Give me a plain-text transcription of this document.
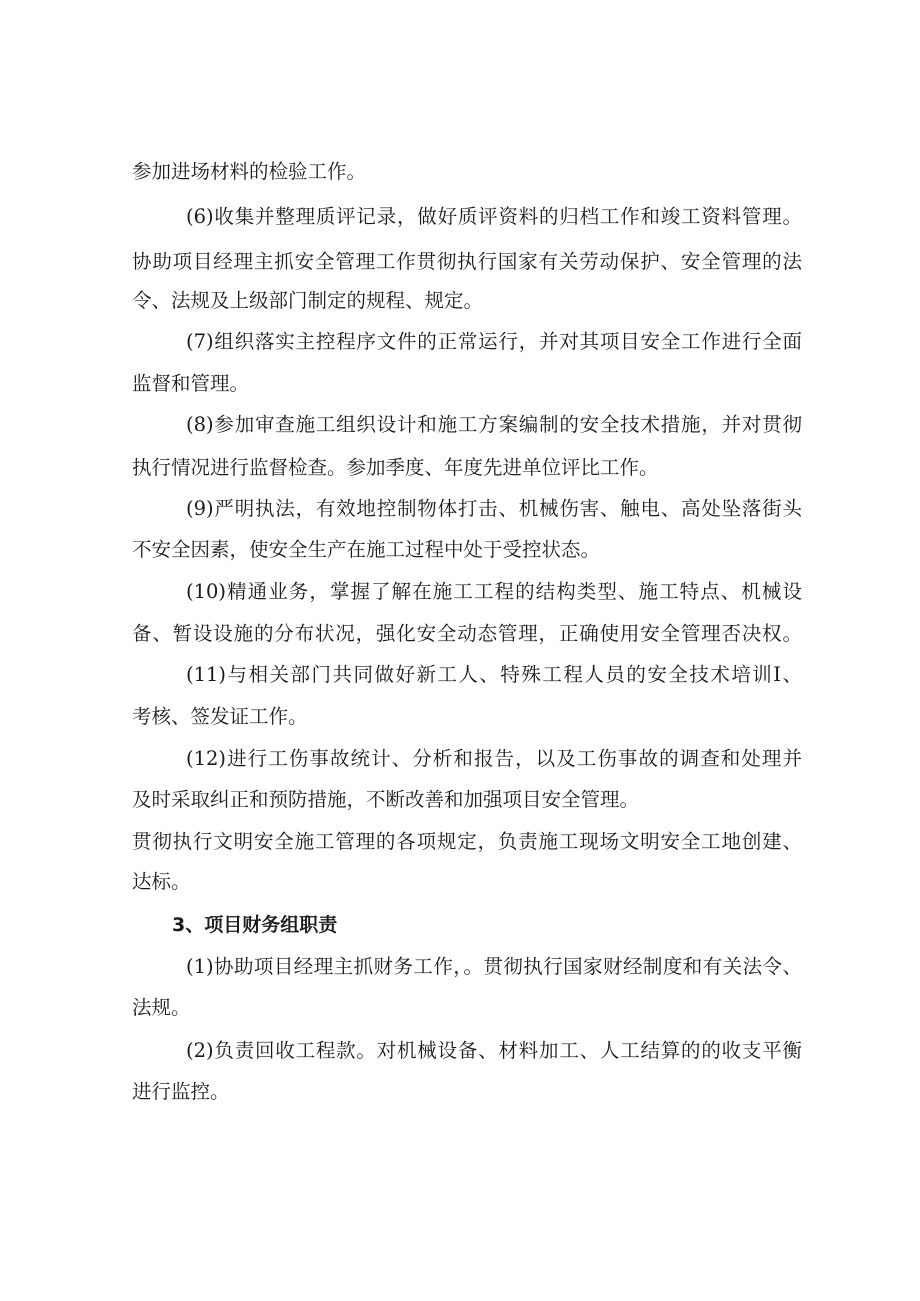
参加进场材料的检验工作。
(6)收集并整理质评记录，做好质评资料的归档工作和竣工资料管理。
协助项目经理主抓安全管理工作贯彻执行国家有关劳动保护、安全管理的法
令、法规及上级部门制定的规程、规定。
(7)组织落实主控程序文件的正常运行，并对其项目安全工作进行全面
监督和管理。
(8)参加审查施工组织设计和施工方案编制的安全技术措施，并对贯彻
执行情况进行监督检查。参加季度、年度先进单位评比工作。
(9)严明执法，有效地控制物体打击、机械伤害、触电、高处坠落街头
不安全因素，使安全生产在施工过程中处于受控状态。
(10)精通业务，掌握了解在施工工程的结构类型、施工特点、机械设
备、暂设设施的分布状况，强化安全动态管理，正确使用安全管理否决权。
(11)与相关部门共同做好新工人、特殊工程人员的安全技术培训I、
考核、签发证工作。
(12)进行工伤事故统计、分析和报告，以及工伤事故的调查和处理并
及时采取纠正和预防措施，不断改善和加强项目安全管理。
贯彻执行文明安全施工管理的各项规定，负责施工现场文明安全工地创建、
达标。
3、项目财务组职责
(1)协助项目经理主抓财务工作，。贯彻执行国家财经制度和有关法令、
法规。
(2)负责回收工程款。对机械设备、材料加工、人工结算的的收支平衡
进行监控。
